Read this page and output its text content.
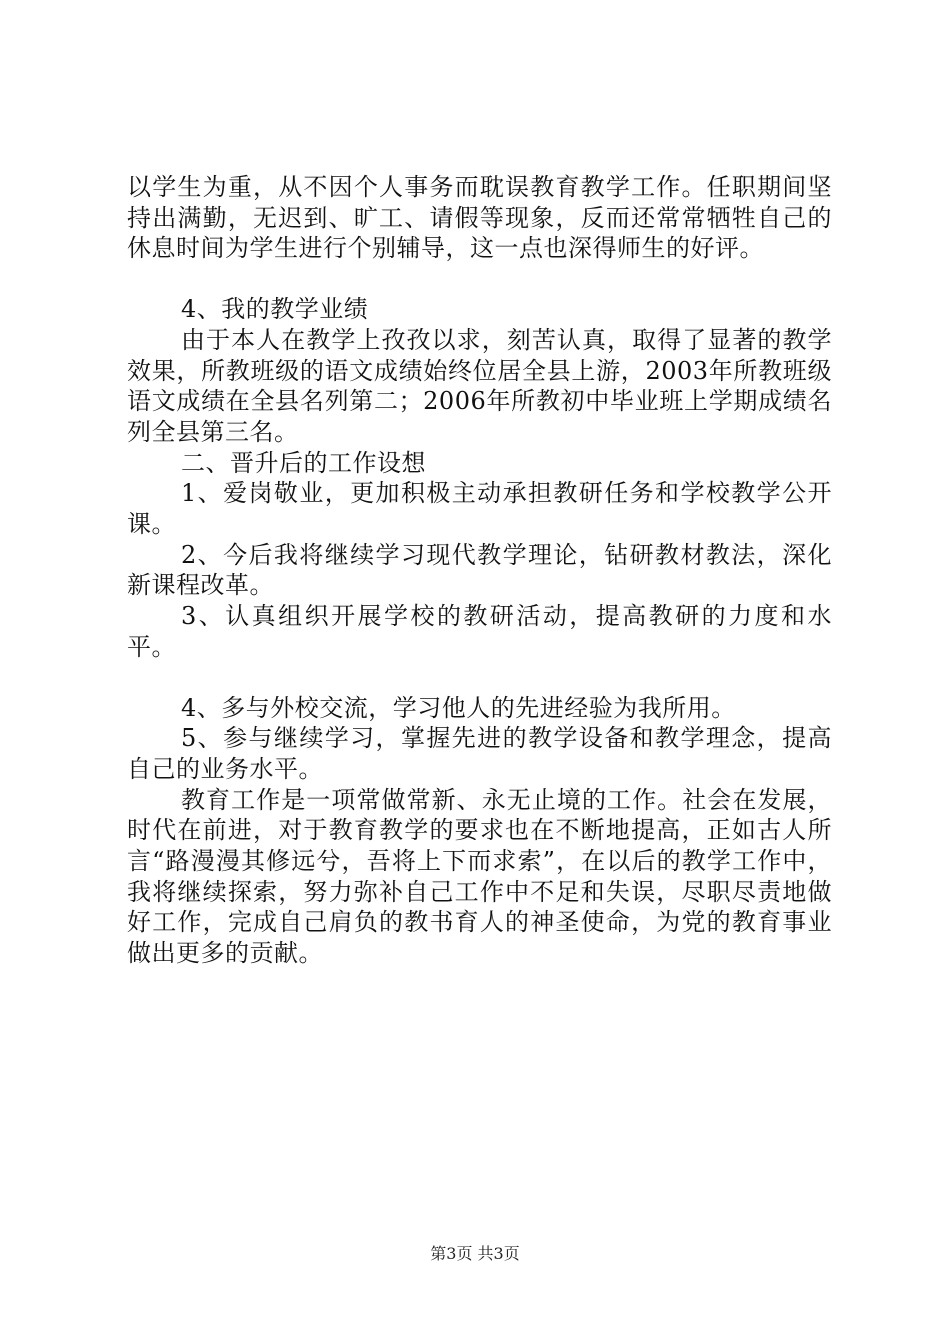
以学生为重，从不因个人事务而耽误教育教学工作。任职期间坚持出满勤，无迟到、旷工、请假等现象，反而还常常牺牲自己的休息时间为学生进行个别辅导，这一点也深得师生的好评。

4、我的教学业绩

由于本人在教学上孜孜以求，刻苦认真，取得了显著的教学效果，所教班级的语文成绩始终位居全县上游，2003年所教班级语文成绩在全县名列第二；2006年所教初中毕业班上学期成绩名列全县第三名。

二、晋升后的工作设想

1、爱岗敬业，更加积极主动承担教研任务和学校教学公开课。

2、今后我将继续学习现代教学理论，钻研教材教法，深化新课程改革。

3、认真组织开展学校的教研活动，提高教研的力度和水平。

4、多与外校交流，学习他人的先进经验为我所用。

5、参与继续学习，掌握先进的教学设备和教学理念，提高自己的业务水平。

教育工作是一项常做常新、永无止境的工作。社会在发展，时代在前进，对于教育教学的要求也在不断地提高，正如古人所言“路漫漫其修远兮，吾将上下而求索”，在以后的教学工作中，我将继续探索，努力弥补自己工作中不足和失误，尽职尽责地做好工作，完成自己肩负的教书育人的神圣使命，为党的教育事业做出更多的贡献。

第3页 共3页
